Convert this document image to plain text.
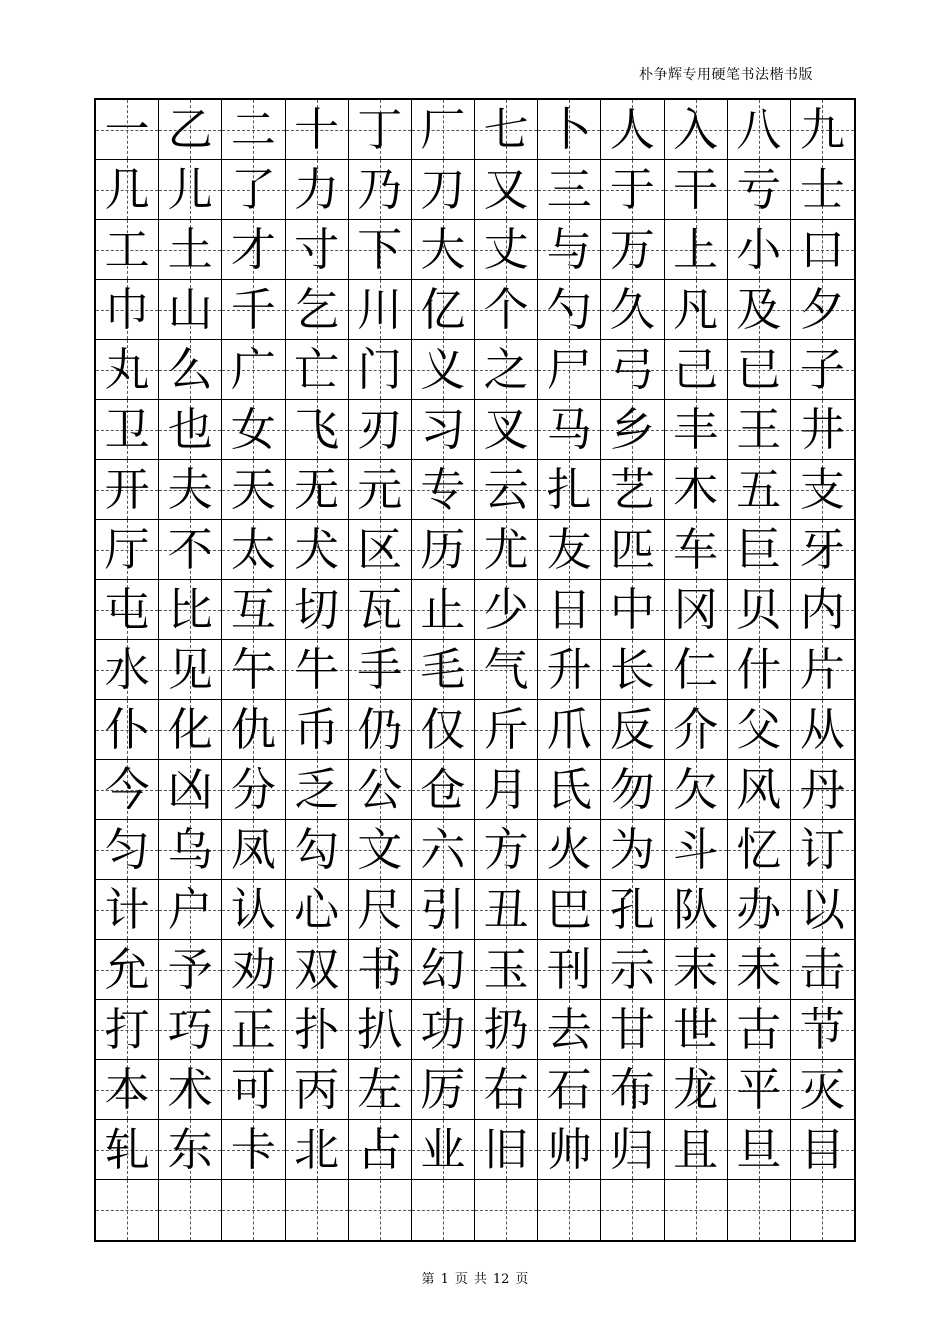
朴争辉专用硬笔书法楷书版
一 乙 二 十 丁 厂 七 卜 人 入 八 九
几 儿 了 力 乃 刀 又 三 于 干 亏 士
工 土 才 寸 下 大 丈 与 万 上 小 口
巾 山 千 乞 川 亿 个 勺 久 凡 及 夕
丸 么 广 亡 门 义 之 尸 弓 己 已 子
卫 也 女 飞 刃 习 叉 马 乡 丰 王 井
开 夫 天 无 元 专 云 扎 艺 木 五 支
厅 不 太 犬 区 历 尤 友 匹 车 巨 牙
屯 比 互 切 瓦 止 少 日 中 冈 贝 内
水 见 午 牛 手 毛 气 升 长 仁 什 片
仆 化 仇 币 仍 仅 斤 爪 反 介 父 从
今 凶 分 乏 公 仓 月 氏 勿 欠 风 丹
匀 乌 凤 勾 文 六 方 火 为 斗 忆 订
计 户 认 心 尺 引 丑 巴 孔 队 办 以
允 予 劝 双 书 幻 玉 刊 示 末 未 击
打 巧 正 扑 扒 功 扔 去 甘 世 古 节
本 术 可 丙 左 厉 右 石 布 龙 平 灭
轧 东 卡 北 占 业 旧 帅 归 且 旦 目
第 1 页 共 12 页
